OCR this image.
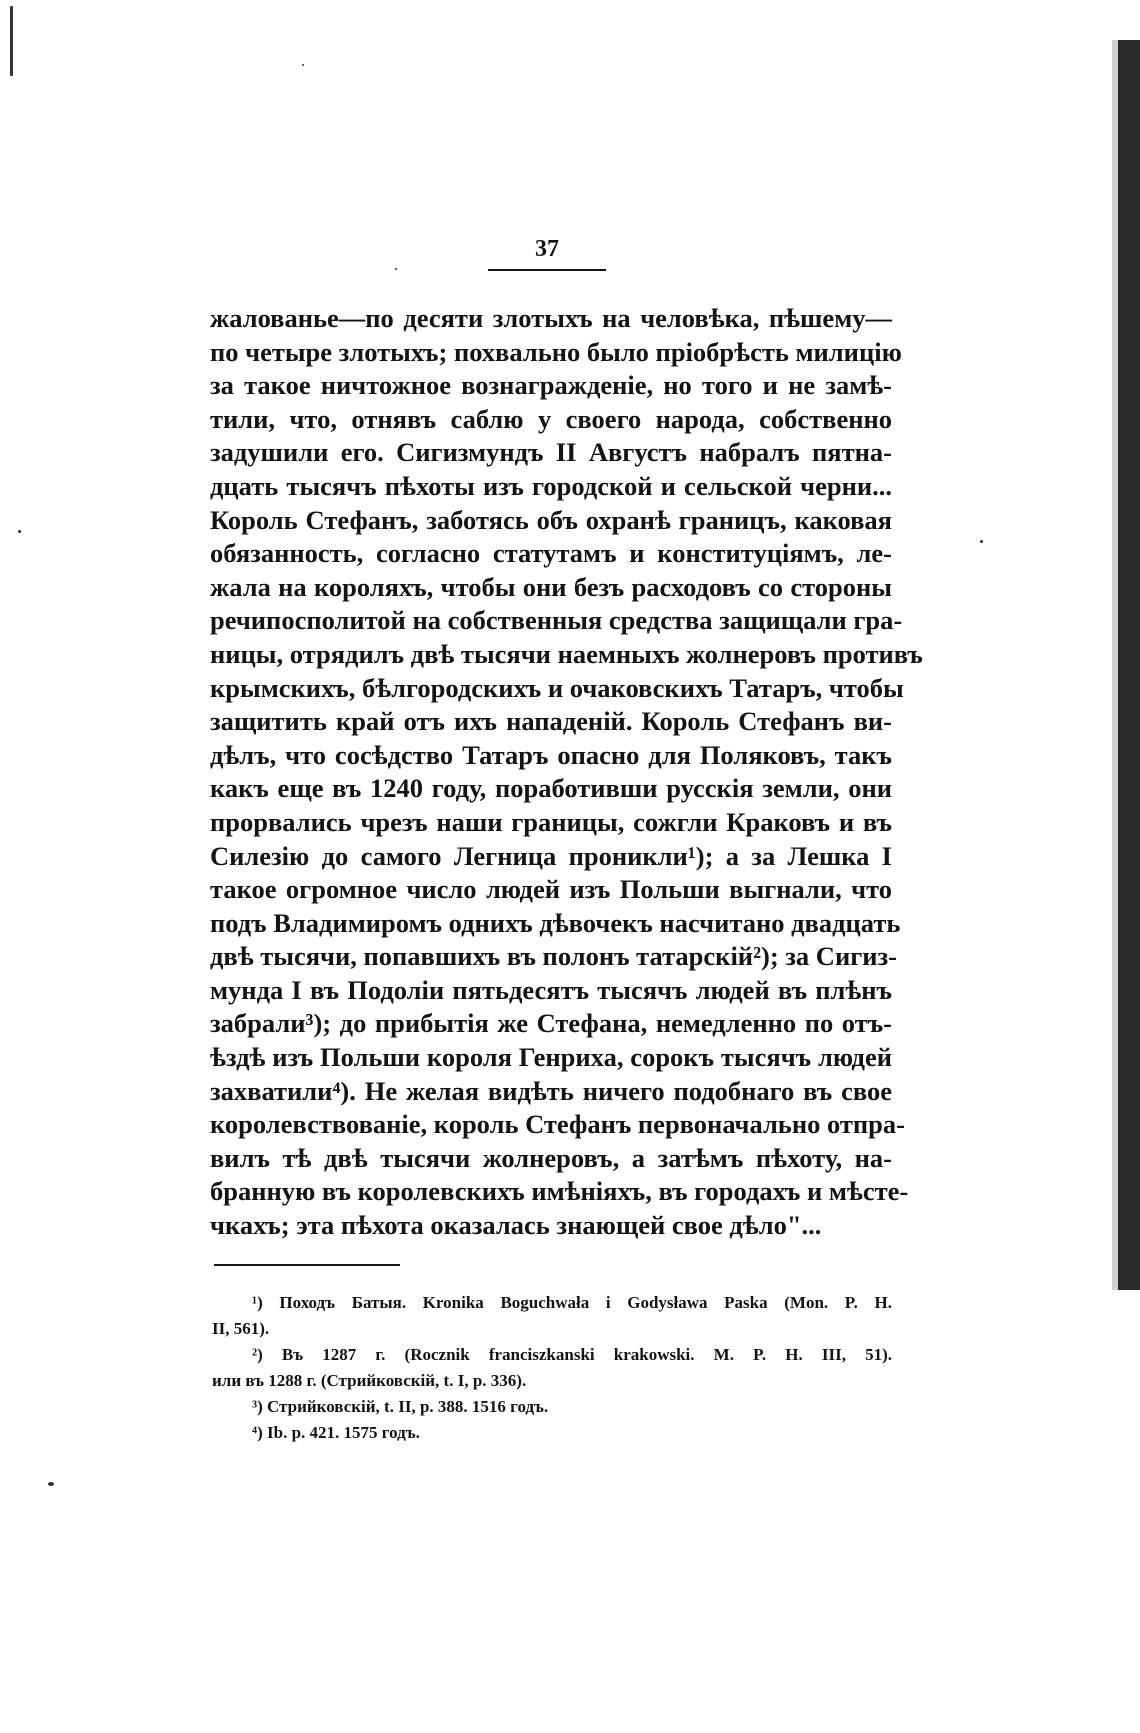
37
жалованье—по десяти злотыхъ на человѣка, пѣшему—
по четыре злотыхъ; похвально было пріобрѣсть милицію
за такое ничтожное вознагражденіе, но того и не замѣ-
тили, что, отнявъ саблю у своего народа, собственно
задушили его. Сигизмундъ II Августъ набралъ пятна-
дцать тысячъ пѣхоты изъ городской и сельской черни...
Король Стефанъ, заботясь объ охранѣ границъ, каковая
обязанность, согласно статутамъ и конституціямъ, ле-
жала на короляхъ, чтобы они безъ расходовъ со стороны
речипосполитой на собственныя средства защищали гра-
ницы, отрядилъ двѣ тысячи наемныхъ жолнеровъ противъ
крымскихъ, бѣлгородскихъ и очаковскихъ Татаръ, чтобы
защитить край отъ ихъ нападеній. Король Стефанъ ви-
дѣлъ, что сосѣдство Татаръ опасно для Поляковъ, такъ
какъ еще въ 1240 году, поработивши русскія земли, они
прорвались чрезъ наши границы, сожгли Краковъ и въ
Силезію до самого Легница проникли¹); а за Лешка I
такое огромное число людей изъ Польши выгнали, что
подъ Владимиромъ однихъ дѣвочекъ насчитано двадцать
двѣ тысячи, попавшихъ въ полонъ татарскій²); за Сигиз-
мунда I въ Подоліи пятьдесятъ тысячъ людей въ плѣнъ
забрали³); до прибытія же Стефана, немедленно по отъ-
ѣздѣ изъ Польши короля Генриха, сорокъ тысячъ людей
захватили⁴). Не желая видѣть ничего подобнаго въ свое
королевствованіе, король Стефанъ первоначально отпра-
вилъ тѣ двѣ тысячи жолнеровъ, а затѣмъ пѣхоту, на-
бранную въ королевскихъ имѣніяхъ, въ городахъ и мѣсте-
чкахъ; эта пѣхота оказалась знающей свое дѣло"...
¹) Походъ Батыя. Kronika Boguchwała i Godysława Paska (Mon. P. H.
II, 561).
²) Въ 1287 г. (Rocznik franciszkanski krakowski. M. P. H. III, 51).
или въ 1288 г. (Стрийковскій, t. I, p. 336).
³) Стрийковскій, t. II, p. 388. 1516 годъ.
⁴) Ib. p. 421. 1575 годъ.
